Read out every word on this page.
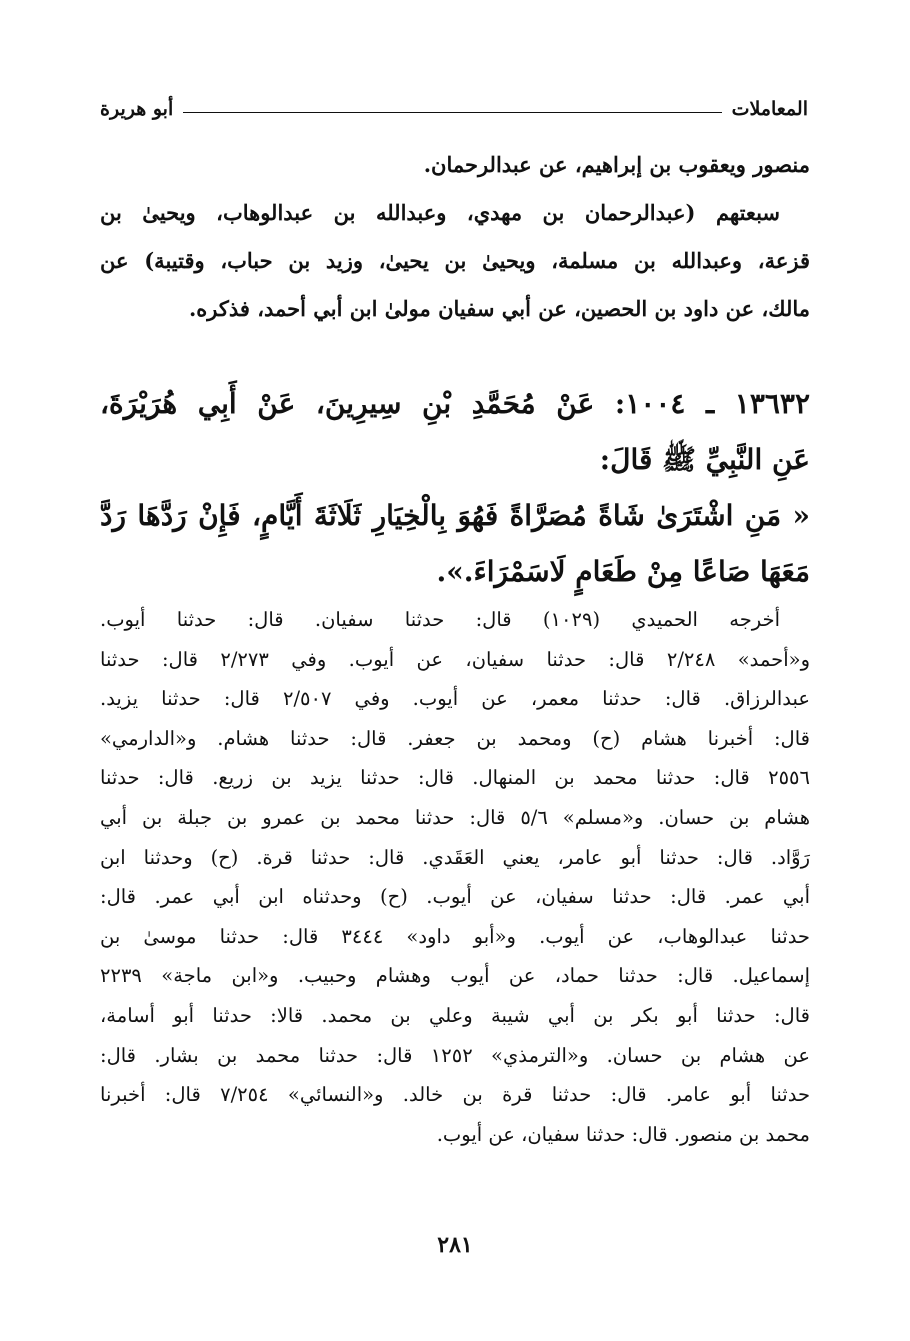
المعاملات
أبو هريرة
منصور ويعقوب بن إبراهيم، عن عبدالرحمان.
سبعتهم (عبدالرحمان بن مهدي، وعبدالله بن عبدالوهاب، ويحيىٰ بن
قزعة، وعبدالله بن مسلمة، ويحيىٰ بن يحيىٰ، وزيد بن حباب، وقتيبة) عن
مالك، عن داود بن الحصين، عن أبي سفيان مولىٰ ابن أبي أحمد، فذكره.
١٣٦٣٢ ـ ١٠٠٤: عَنْ مُحَمَّدِ بْنِ سِيرِينَ، عَنْ أَبِي هُرَيْرَةَ،
عَنِ النَّبِيِّ ﷺ قَالَ:
« مَنِ اشْتَرَىٰ شَاةً مُصَرَّاةً فَهُوَ بِالْخِيَارِ ثَلَاثَةَ أَيَّامٍ، فَإِنْ رَدَّهَا رَدَّ
مَعَهَا صَاعًا مِنْ طَعَامٍ لَاسَمْرَاءَ.».
أخرجه الحميدي (١٠٢٩) قال: حدثنا سفيان. قال: حدثنا أيوب.
و«أحمد» ٢/٢٤٨ قال: حدثنا سفيان، عن أيوب. وفي ٢/٢٧٣ قال: حدثنا
عبدالرزاق. قال: حدثنا معمر، عن أيوب. وفي ٢/٥٠٧ قال: حدثنا يزيد.
قال: أخبرنا هشام (ح) ومحمد بن جعفر. قال: حدثنا هشام. و«الدارمي»
٢٥٥٦ قال: حدثنا محمد بن المنهال. قال: حدثنا يزيد بن زريع. قال: حدثنا
هشام بن حسان. و«مسلم» ٥/٦ قال: حدثنا محمد بن عمرو بن جبلة بن أبي
رَوَّاد. قال: حدثنا أبو عامر، يعني العَقَدي. قال: حدثنا قرة. (ح) وحدثنا ابن
أبي عمر. قال: حدثنا سفيان، عن أيوب. (ح) وحدثناه ابن أبي عمر. قال:
حدثنا عبدالوهاب، عن أيوب. و«أبو داود» ٣٤٤٤ قال: حدثنا موسىٰ بن
إسماعيل. قال: حدثنا حماد، عن أيوب وهشام وحبيب. و«ابن ماجة» ٢٢٣٩
قال: حدثنا أبو بكر بن أبي شيبة وعلي بن محمد. قالا: حدثنا أبو أسامة،
عن هشام بن حسان. و«الترمذي» ١٢٥٢ قال: حدثنا محمد بن بشار. قال:
حدثنا أبو عامر. قال: حدثنا قرة بن خالد. و«النسائي» ٧/٢٥٤ قال: أخبرنا
محمد بن منصور. قال: حدثنا سفيان، عن أيوب.
٢٨١
